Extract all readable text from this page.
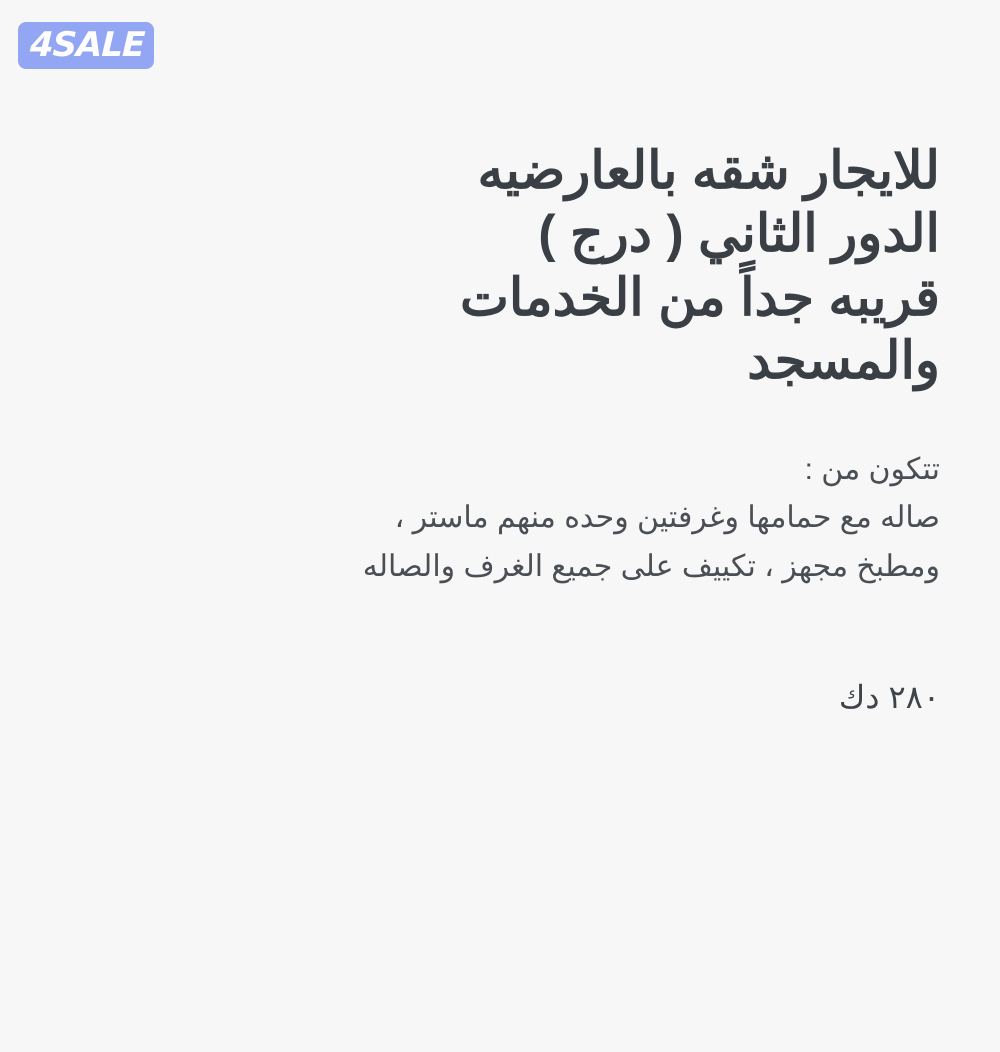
4SALE
للايجار شقه بالعارضيه
الدور الثاني ( درج )
قريبه جداً من الخدمات
والمسجد

تتكون من :

صاله مع حمامها وغرفتين وحده منهم ماستر ،

ومطبخ مجهز ، تكييف على جميع الغرف والصاله

٢٨٠ دك
